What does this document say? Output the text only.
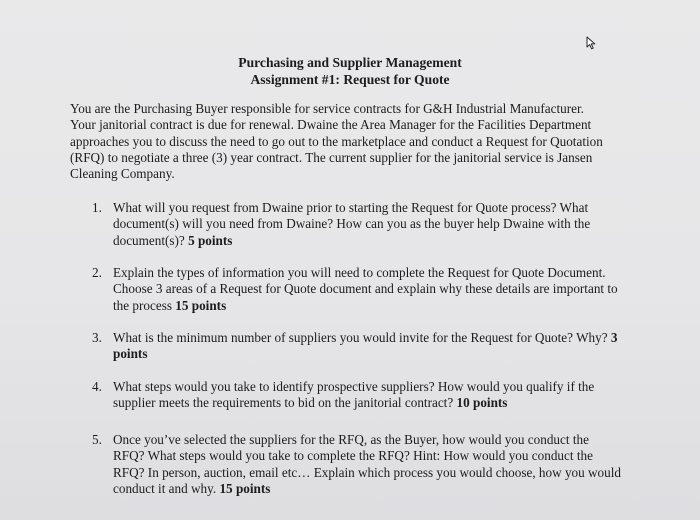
Purchasing and Supplier Management
Assignment #1: Request for Quote
You are the Purchasing Buyer responsible for service contracts for G&H Industrial Manufacturer. Your janitorial contract is due for renewal. Dwaine the Area Manager for the Facilities Department approaches you to discuss the need to go out to the marketplace and conduct a Request for Quotation (RFQ) to negotiate a three (3) year contract. The current supplier for the janitorial service is Jansen Cleaning Company.
1. What will you request from Dwaine prior to starting the Request for Quote process? What document(s) will you need from Dwaine? How can you as the buyer help Dwaine with the document(s)? 5 points
2. Explain the types of information you will need to complete the Request for Quote Document. Choose 3 areas of a Request for Quote document and explain why these details are important to the process 15 points
3. What is the minimum number of suppliers you would invite for the Request for Quote? Why? 3 points
4. What steps would you take to identify prospective suppliers? How would you qualify if the supplier meets the requirements to bid on the janitorial contract? 10 points
5. Once you’ve selected the suppliers for the RFQ, as the Buyer, how would you conduct the RFQ? What steps would you take to complete the RFQ? Hint: How would you conduct the RFQ? In person, auction, email etc… Explain which process you would choose, how you would conduct it and why. 15 points
